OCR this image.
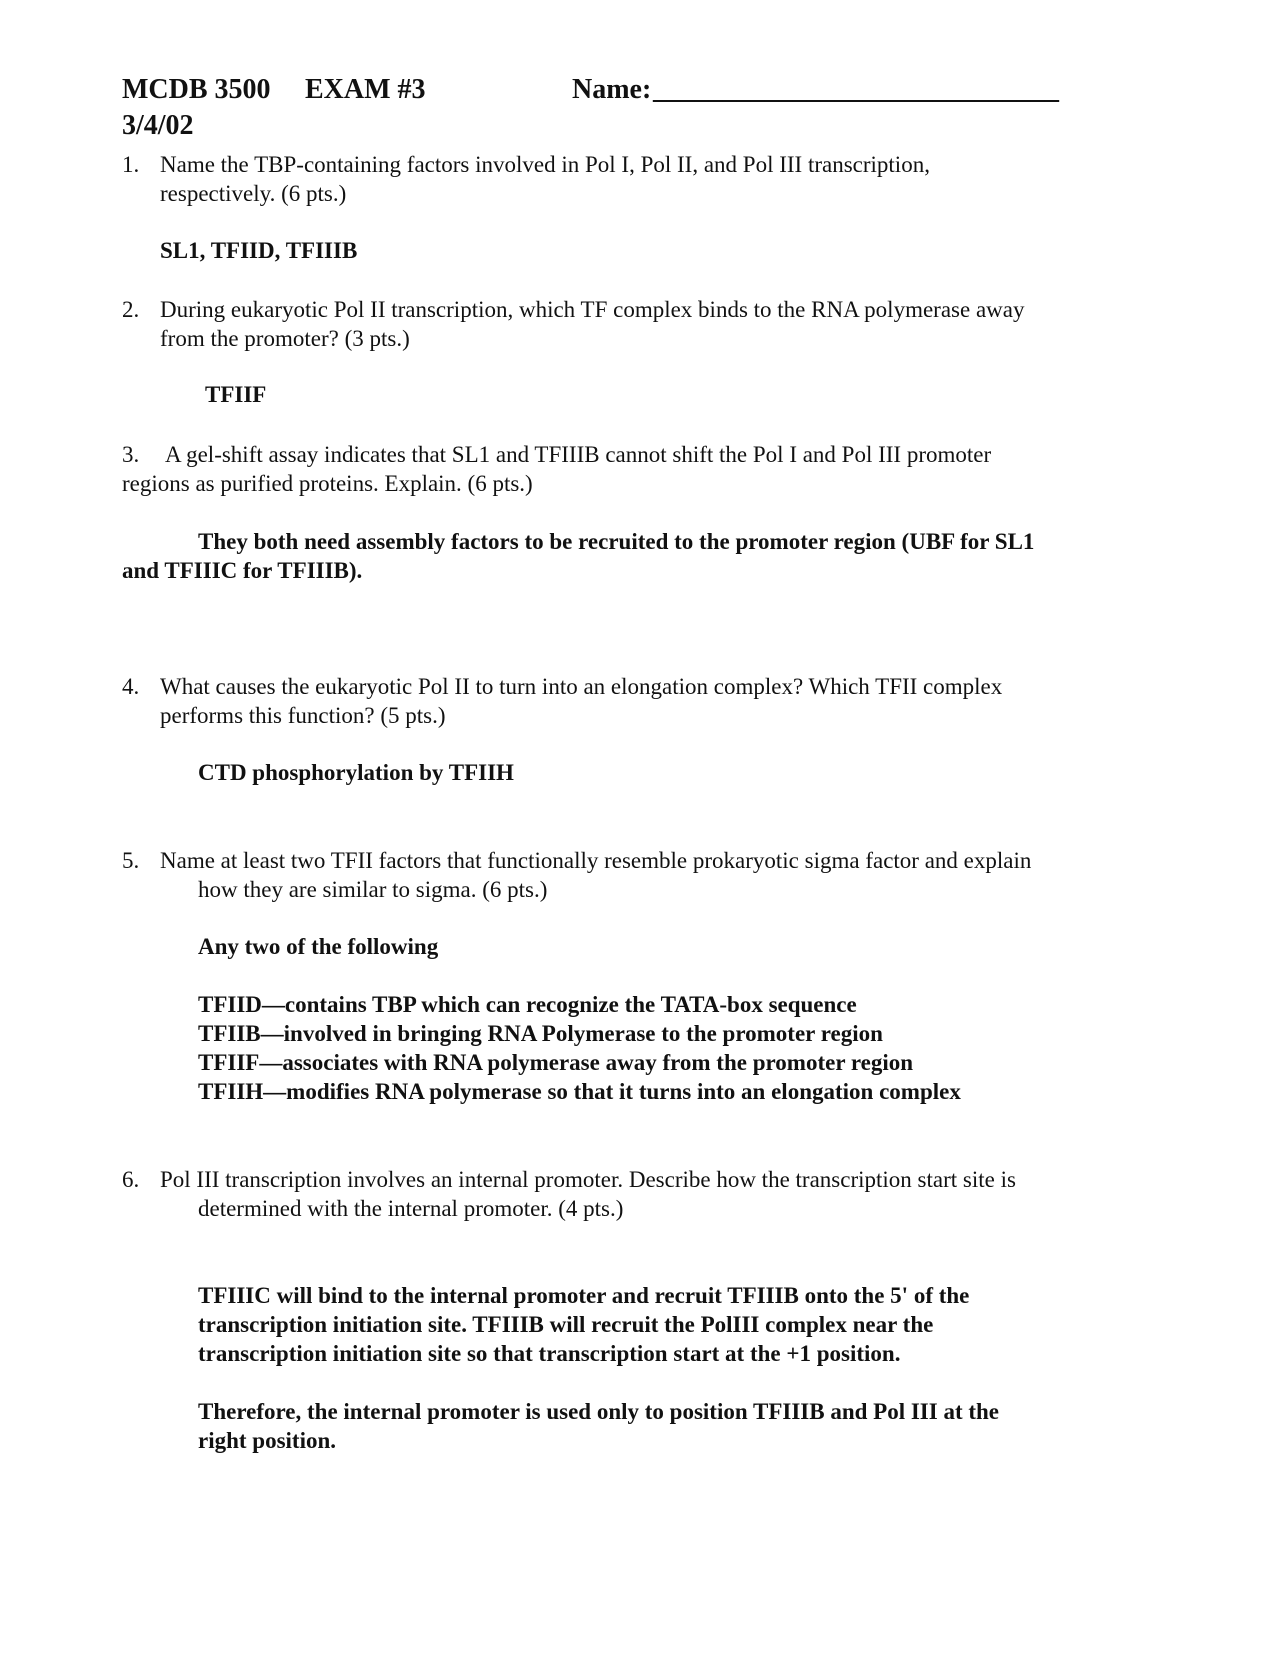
MCDB 3500 EXAM #3	Name: _____________________________
3/4/02
1. Name the TBP-containing factors involved in Pol I, Pol II, and Pol III transcription,
respectively. (6 pts.)
SL1, TFIID, TFIIIB
2. During eukaryotic Pol II transcription, which TF complex binds to the RNA polymerase away
from the promoter? (3 pts.)
TFIIF
3. A gel-shift assay indicates that SL1 and TFIIIB cannot shift the Pol I and Pol III promoter
regions as purified proteins. Explain. (6 pts.)
They both need assembly factors to be recruited to the promoter region (UBF for SL1
and TFIIIC for TFIIIB).
4. What causes the eukaryotic Pol II to turn into an elongation complex? Which TFII complex
performs this function? (5 pts.)
CTD phosphorylation by TFIIH
5. Name at least two TFII factors that functionally resemble prokaryotic sigma factor and explain
how they are similar to sigma. (6 pts.)
Any two of the following
TFIID—contains TBP which can recognize the TATA-box sequence
TFIIB—involved in bringing RNA Polymerase to the promoter region
TFIIF—associates with RNA polymerase away from the promoter region
TFIIH—modifies RNA polymerase so that it turns into an elongation complex
6. Pol III transcription involves an internal promoter. Describe how the transcription start site is
determined with the internal promoter. (4 pts.)
TFIIIC will bind to the internal promoter and recruit TFIIIB onto the 5' of the
transcription initiation site. TFIIIB will recruit the PolIII complex near the
transcription initiation site so that transcription start at the +1 position.
Therefore, the internal promoter is used only to position TFIIIB and Pol III at the
right position.
